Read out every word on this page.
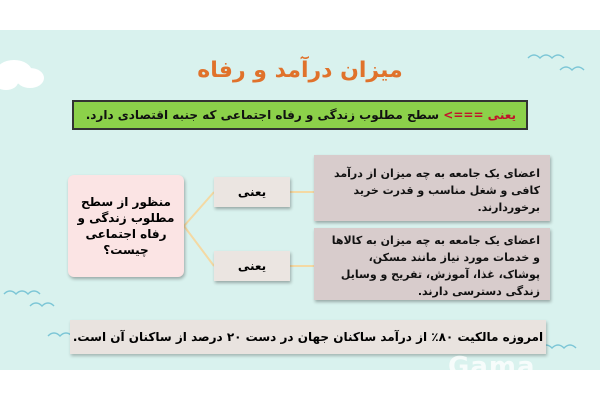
میزان درآمد و رفاه
یعنی ===> سطح مطلوب زندگی و رفاه اجتماعی که جنبه اقتصادی دارد.
منظور از سطح مطلوب زندگی و رفاه اجتماعی چیست؟
یعنی
یعنی
اعضای یک جامعه به چه میزان از درآمد کافی و شغل مناسب و قدرت خرید برخوردارند.
اعضای یک جامعه به چه میزان به کالاها و خدمات مورد نیاز مانند مسکن، پوشاک، غذا، آموزش، تفریح و وسایل زندگی دسترسی دارند.
امروزه مالکیت ۸۰٪ از درآمد ساکنان جهان در دست ۲۰ درصد از ساکنان آن است.
Gama
